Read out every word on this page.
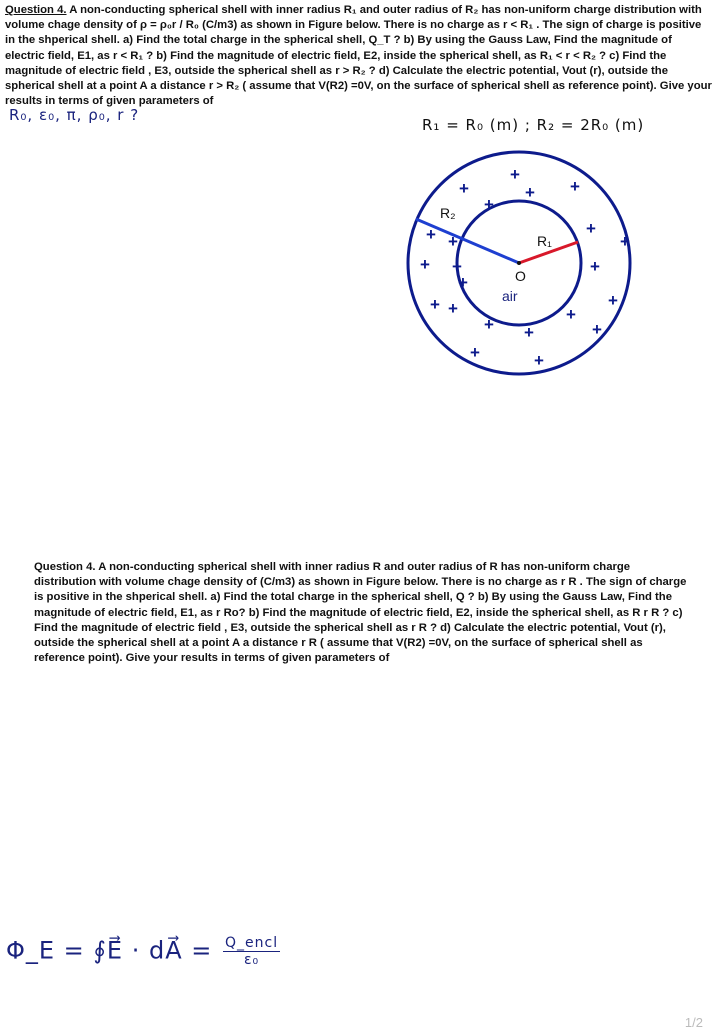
Question 4. A non-conducting spherical shell with inner radius R₁ and outer radius of R₂ has non-uniform charge distribution with volume chage density of ρ = ρ₀r / R₀ (C/m3) as shown in Figure below. There is no charge as r < R₁ . The sign of charge is positive in the shperical shell. a) Find the total charge in the spherical shell, Q_T ? b) By using the Gauss Law, Find the magnitude of electric field, E1, as r < R₁ ? b) Find the magnitude of electric field, E2, inside the spherical shell, as R₁ < r < R₂ ? c) Find the magnitude of electric field , E3, outside the spherical shell as r > R₂ ? d) Calculate the electric potential, Vout (r), outside the spherical shell at a point A a distance r > R₂ ( assume that V(R2) =0V, on the surface of spherical shell as reference point). Give your results in terms of given parameters of
R₀, ε₀, π, ρ₀, r ?
R₁ = R₀ (m) ; R₂ = 2R₀ (m)
R₂
R₁
O
air
+
+	+ +
+
+ +
+
+
+ +	+
+
+ +	+
+
+ +	+
+	+
Question 4. A non-conducting spherical shell with inner radius R and outer radius of R has non-uniform charge distribution with volume chage density of (C/m3) as shown in Figure below. There is no charge as r R . The sign of charge is positive in the shperical shell. a) Find the total charge in the spherical shell, Q ? b) By using the Gauss Law, Find the magnitude of electric field, E1, as r Ro? b) Find the magnitude of electric field, E2, inside the spherical shell, as R r R ? c) Find the magnitude of electric field , E3, outside the spherical shell as r R ? d) Calculate the electric potential, Vout (r), outside the spherical shell at a point A a distance r R ( assume that V(R2) =0V, on the surface of spherical shell as reference point). Give your results in terms of given parameters of
Φ_E = ∮E⃗ · dA⃗ = $\frac{\text{Q\_encl}}{\text{ε₀}}$
1/2
